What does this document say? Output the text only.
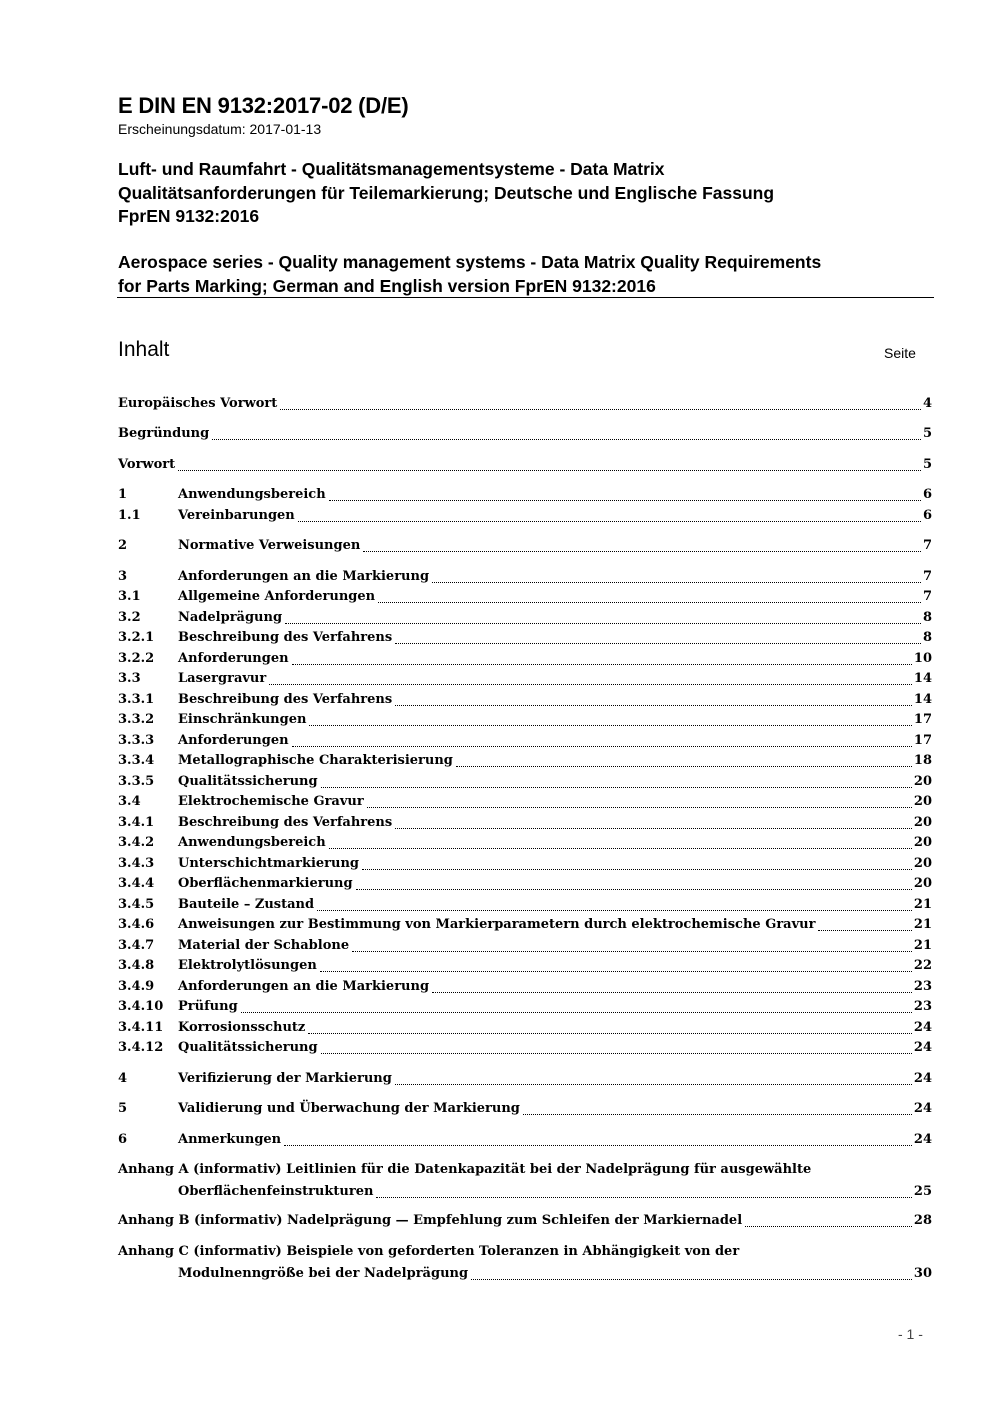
E DIN EN 9132:2017-02 (D/E)
Erscheinungsdatum: 2017-01-13
Luft- und Raumfahrt - Qualitätsmanagementsysteme - Data Matrix
Qualitätsanforderungen für Teilemarkierung; Deutsche und Englische Fassung
FprEN 9132:2016
Aerospace series - Quality management systems - Data Matrix Quality Requirements
for Parts Marking; German and English version FprEN 9132:2016
Inhalt	Seite
Europäisches Vorwort	4
Begründung	5
Vorwort	5
1	Anwendungsbereich	6
1.1	Vereinbarungen	6
2	Normative Verweisungen	7
3	Anforderungen an die Markierung	7
3.1	Allgemeine Anforderungen	7
3.2	Nadelprägung	8
3.2.1 Beschreibung des Verfahrens	8
3.2.2 Anforderungen	10
3.3	Lasergravur	14
3.3.1 Beschreibung des Verfahrens	14
3.3.2 Einschränkungen	17
3.3.3 Anforderungen	17
3.3.4 Metallographische Charakterisierung	18
3.3.5 Qualitätssicherung	20
3.4	Elektrochemische Gravur	20
3.4.1 Beschreibung des Verfahrens	20
3.4.2 Anwendungsbereich	20
3.4.3 Unterschichtmarkierung	20
3.4.4 Oberflächenmarkierung	20
3.4.5 Bauteile – Zustand	21
3.4.6 Anweisungen zur Bestimmung von Markierparametern durch elektrochemische Gravur	21
3.4.7 Material der Schablone	21
3.4.8 Elektrolytlösungen	22
3.4.9 Anforderungen an die Markierung	23
3.4.10 Prüfung	23
3.4.11 Korrosionsschutz	24
3.4.12 Qualitätssicherung	24
4	Verifizierung der Markierung	24
5	Validierung und Überwachung der Markierung	24
6	Anmerkungen	24
Anhang A (informativ) Leitlinien für die Datenkapazität bei der Nadelprägung für ausgewählte
Oberflächenfeinstrukturen	25
Anhang B (informativ) Nadelprägung — Empfehlung zum Schleifen der Markiernadel	28
Anhang C (informativ) Beispiele von geforderten Toleranzen in Abhängigkeit von der
Modulnenngröße bei der Nadelprägung	30
- 1 -
